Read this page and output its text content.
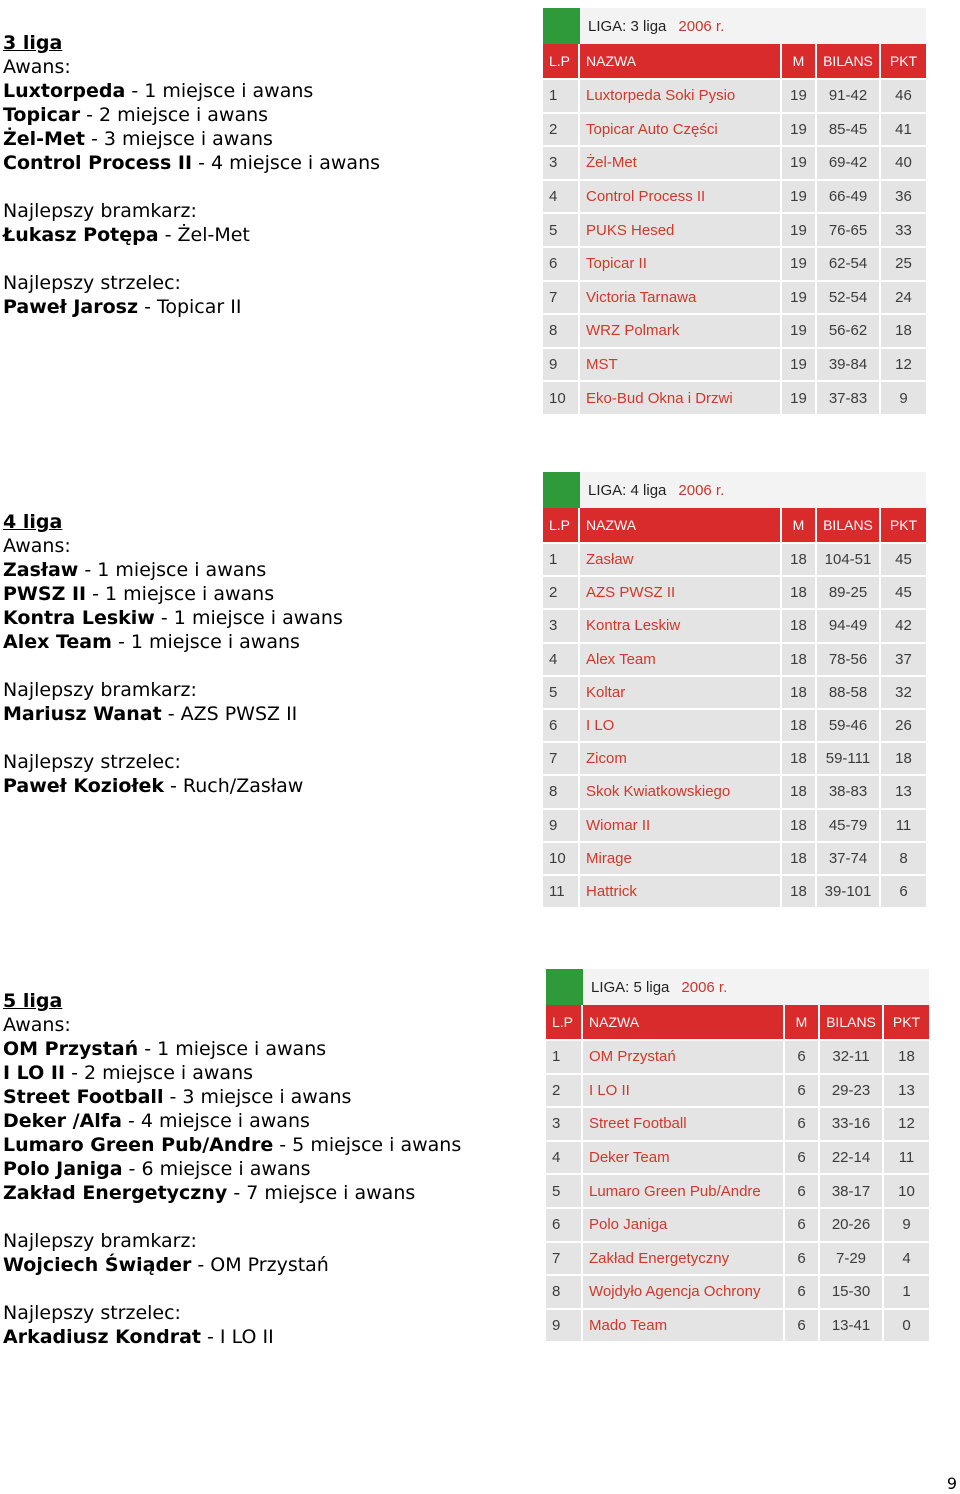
3 liga
Awans:
Luxtorpeda - 1 miejsce i awans
Topicar - 2 miejsce i awans
Żel-Met - 3 miejsce i awans
Control Process II - 4 miejsce i awans
Najlepszy bramkarz:
Łukasz Potępa - Żel-Met
Najlepszy strzelec:
Paweł Jarosz - Topicar II
LIGA: 3 liga 2006 r.
L.P	NAZWA	M	BILANS	PKT
1	Luxtorpeda Soki Pysio	19	91-42	46
2	Topicar Auto Części	19	85-45	41
3	Żel-Met	19	69-42	40
4	Control Process II	19	66-49	36
5	PUKS Hesed	19	76-65	33
6	Topicar II	19	62-54	25
7	Victoria Tarnawa	19	52-54	24
8	WRZ Polmark	19	56-62	18
9	MST	19	39-84	12
10	Eko-Bud Okna i Drzwi	19	37-83	9
4 liga
Awans:
Zasław - 1 miejsce i awans
PWSZ II - 1 miejsce i awans
Kontra Leskiw - 1 miejsce i awans
Alex Team - 1 miejsce i awans
Najlepszy bramkarz:
Mariusz Wanat - AZS PWSZ II
Najlepszy strzelec:
Paweł Koziołek - Ruch/Zasław
LIGA: 4 liga 2006 r.
L.P	NAZWA	M	BILANS	PKT
1	Zasław	18	104-51	45
2	AZS PWSZ II	18	89-25	45
3	Kontra Leskiw	18	94-49	42
4	Alex Team	18	78-56	37
5	Koltar	18	88-58	32
6	I LO	18	59-46	26
7	Zicom	18	59-111	18
8	Skok Kwiatkowskiego	18	38-83	13
9	Wiomar II	18	45-79	11
10	Mirage	18	37-74	8
11	Hattrick	18	39-101	6
5 liga
Awans:
OM Przystań - 1 miejsce i awans
I LO II - 2 miejsce i awans
Street Football - 3 miejsce i awans
Deker /Alfa - 4 miejsce i awans
Lumaro Green Pub/Andre - 5 miejsce i awans
Polo Janiga - 6 miejsce i awans
Zakład Energetyczny - 7 miejsce i awans
Najlepszy bramkarz:
Wojciech Świąder - OM Przystań
Najlepszy strzelec:
Arkadiusz Kondrat - I LO II
LIGA: 5 liga 2006 r.
L.P	NAZWA	M	BILANS	PKT
1	OM Przystań	6	32-11	18
2	I LO II	6	29-23	13
3	Street Football	6	33-16	12
4	Deker Team	6	22-14	11
5	Lumaro Green Pub/Andre	6	38-17	10
6	Polo Janiga	6	20-26	9
7	Zakład Energetyczny	6	7-29	4
8	Wojdyło Agencja Ochrony	6	15-30	1
9	Mado Team	6	13-41	0
9
